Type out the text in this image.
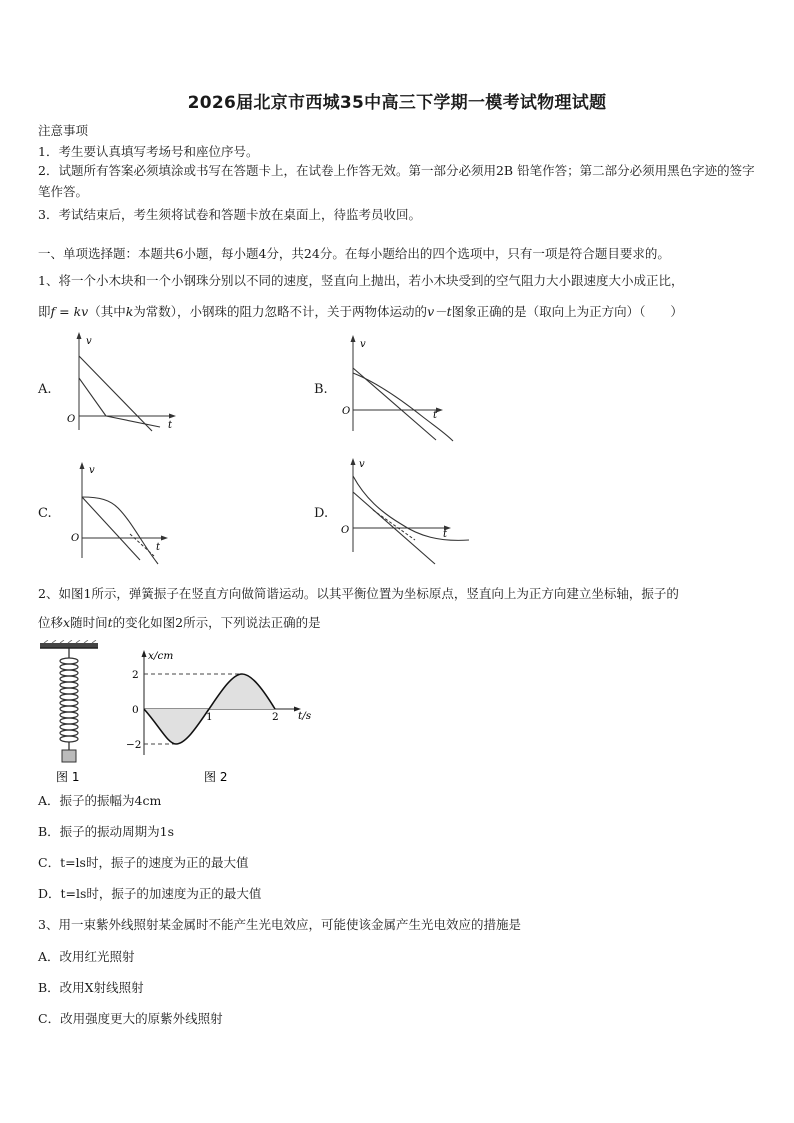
2026届北京市西城35中高三下学期一模考试物理试题
注意事项
1．考生要认真填写考场号和座位序号。
2．试题所有答案必须填涂或书写在答题卡上，在试卷上作答无效。第一部分必须用2B 铅笔作答；第二部分必须用黑色字迹的签字笔作答。
3．考试结束后，考生须将试卷和答题卡放在桌面上，待监考员收回。
一、单项选择题：本题共6小题，每小题4分，共24分。在每小题给出的四个选项中，只有一项是符合题目要求的。
1、将一个小木块和一个小钢珠分别以不同的速度，竖直向上抛出，若小木块受到的空气阻力大小跟速度大小成正比，
即f = kv（其中k为常数），小钢珠的阻力忽略不计，关于两物体运动的v－t图象正确的是（取向上为正方向）（　　）
A.
v
t
O
B.
v
t
O
C.
v
t
O
D.
v
t
O
2、如图1所示，弹簧振子在竖直方向做简谐运动。以其平衡位置为坐标原点，竖直向上为正方向建立坐标轴，振子的
位移x随时间t的变化如图2所示，下列说法正确的是
图 1
x/cm
t/s
2
0
−2
1	2
图 2
A．振子的振幅为4cm
B．振子的振动周期为1s
C．t=ls时，振子的速度为正的最大值
D．t=ls时，振子的加速度为正的最大值
3、用一束紫外线照射某金属时不能产生光电效应，可能使该金属产生光电效应的措施是
A．改用红光照射
B．改用X射线照射
C．改用强度更大的原紫外线照射
